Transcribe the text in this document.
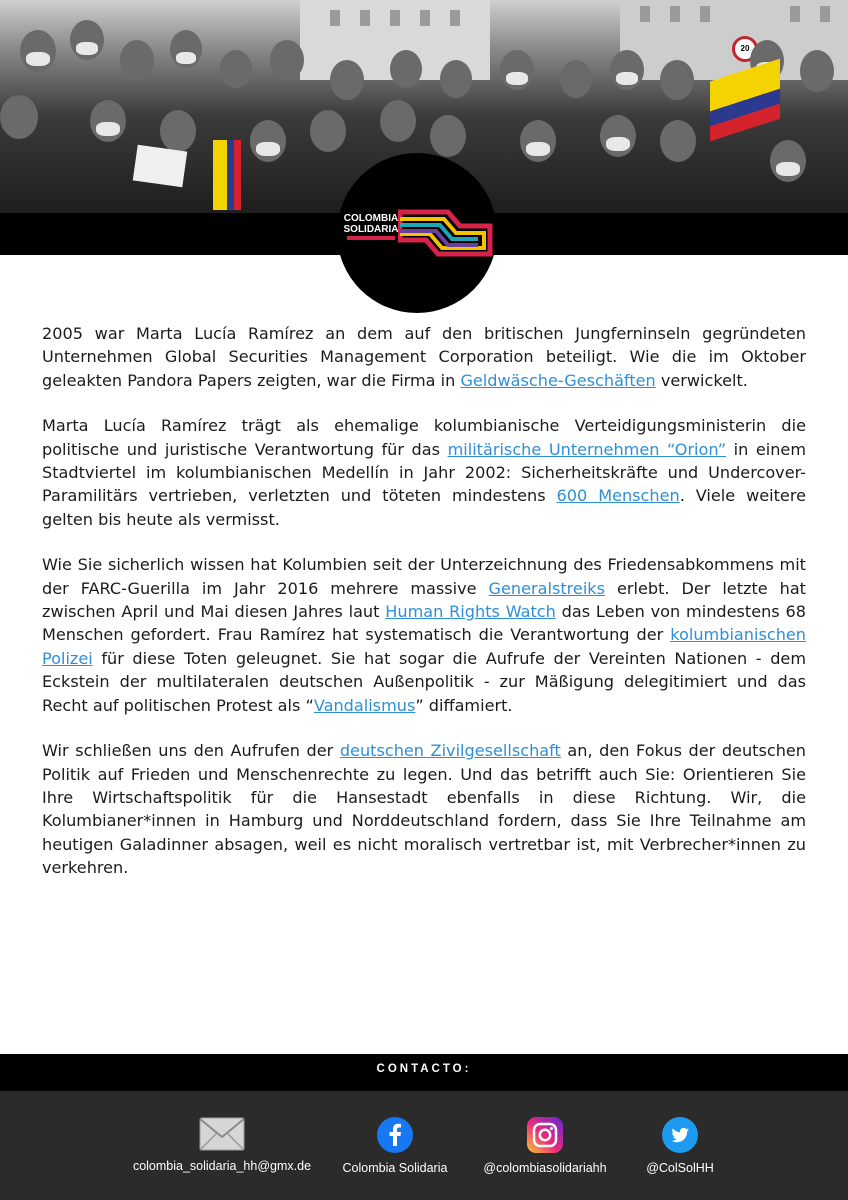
20
COLOMBIA
SOLIDARIA

2005 war Marta Lucía Ramírez an dem auf den britischen Jungferninseln gegründeten Unternehmen Global Securities Management Corporation beteiligt. Wie die im Oktober geleakten Pandora Papers zeigten, war die Firma in Geldwäsche-Geschäften verwickelt.

Marta Lucía Ramírez trägt als ehemalige kolumbianische Verteidigungsministerin die politische und juristische Verantwortung für das militärische Unternehmen “Orion” in einem Stadtviertel im kolumbianischen Medellín in Jahr 2002: Sicherheitskräfte und Undercover-Paramilitärs vertrieben, verletzten und töteten mindestens 600 Menschen. Viele weitere gelten bis heute als vermisst.

Wie Sie sicherlich wissen hat Kolumbien seit der Unterzeichnung des Friedensabkommens mit der FARC-Guerilla im Jahr 2016 mehrere massive Generalstreiks erlebt. Der letzte hat zwischen April und Mai diesen Jahres laut Human Rights Watch das Leben von mindestens 68 Menschen gefordert. Frau Ramírez hat systematisch die Verantwortung der kolumbianischen Polizei für diese Toten geleugnet. Sie hat sogar die Aufrufe der Vereinten Nationen - dem Eckstein der multilateralen deutschen Außenpolitik - zur Mäßigung delegitimiert und das Recht auf politischen Protest als “Vandalismus” diffamiert.

Wir schließen uns den Aufrufen der deutschen Zivilgesellschaft an, den Fokus der deutschen Politik auf Frieden und Menschenrechte zu legen. Und das betrifft auch Sie: Orientieren Sie Ihre Wirtschaftspolitik für die Hansestadt ebenfalls in diese Richtung. Wir, die Kolumbianer*innen in Hamburg und Norddeutschland fordern, dass Sie Ihre Teilnahme am heutigen Galadinner absagen, weil es nicht moralisch vertretbar ist, mit Verbrecher*innen zu verkehren.

CONTACTO:
colombia_solidaria_hh@gmx.de	Colombia Solidaria	@colombiasolidariahh	@ColSolHH
